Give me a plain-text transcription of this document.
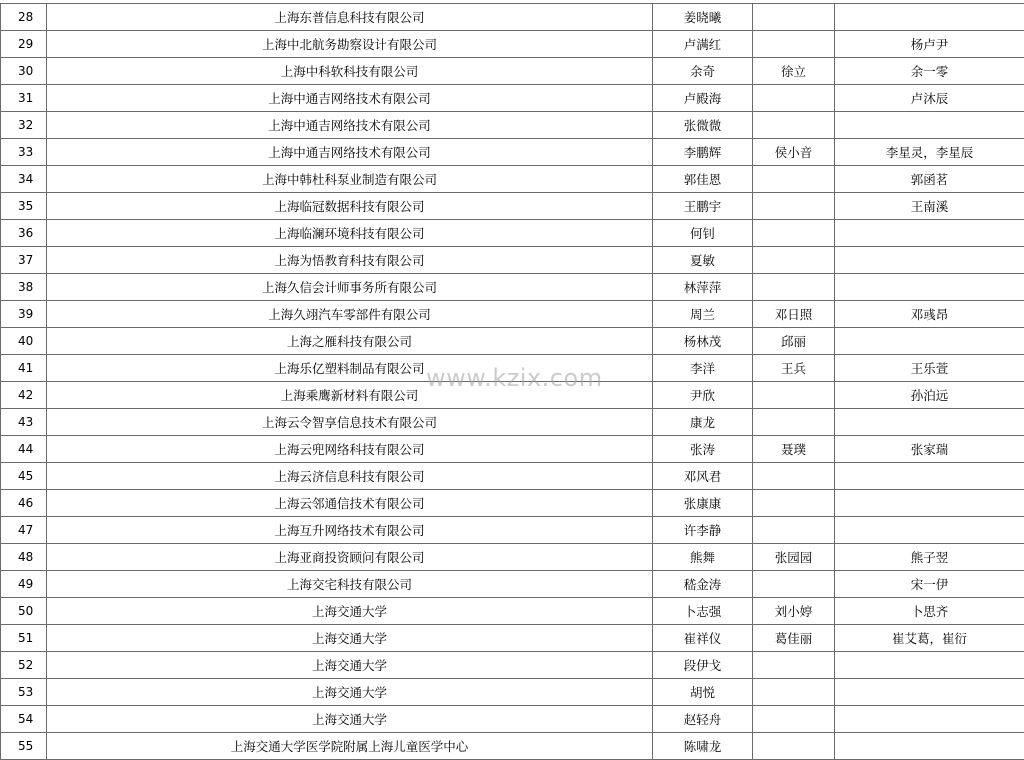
28	上海东普信息科技有限公司	姜晓曦		
29	上海中北航务勘察设计有限公司	卢满红		杨卢尹
30	上海中科软科技有限公司	余奇	徐立	余一零
31	上海中通吉网络技术有限公司	卢殿海		卢沐辰
32	上海中通吉网络技术有限公司	张微微		
33	上海中通吉网络技术有限公司	李鹏辉	侯小音	李星灵，李星辰
34	上海中韩杜科泵业制造有限公司	郭佳恩		郭函茗
35	上海临冠数据科技有限公司	王鹏宇		王南溪
36	上海临澜环境科技有限公司	何钊		
37	上海为悟教育科技有限公司	夏敏		
38	上海久信会计师事务所有限公司	林萍萍		
39	上海久翊汽车零部件有限公司	周兰	邓日照	邓彧昂
40	上海之雁科技有限公司	杨林茂	邱丽	
41	上海乐亿塑料制品有限公司	李洋	王兵	王乐萱
42	上海乘鹰新材料有限公司	尹欣		孙泊远
43	上海云令智享信息技术有限公司	康龙		
44	上海云兜网络科技有限公司	张涛	聂璞	张家瑞
45	上海云济信息科技有限公司	邓风君		
46	上海云邻通信技术有限公司	张康康		
47	上海互升网络技术有限公司	许李静		
48	上海亚商投资顾问有限公司	熊舞	张园园	熊子翌
49	上海交宅科技有限公司	嵇金涛		宋一伊
50	上海交通大学	卜志强	刘小婷	卜思齐
51	上海交通大学	崔祥仪	葛佳丽	崔艾葛，崔衍
52	上海交通大学	段伊戈		
53	上海交通大学	胡悦		
54	上海交通大学	赵轻舟		
55	上海交通大学医学院附属上海儿童医学中心	陈啸龙		
www.kzix.com
